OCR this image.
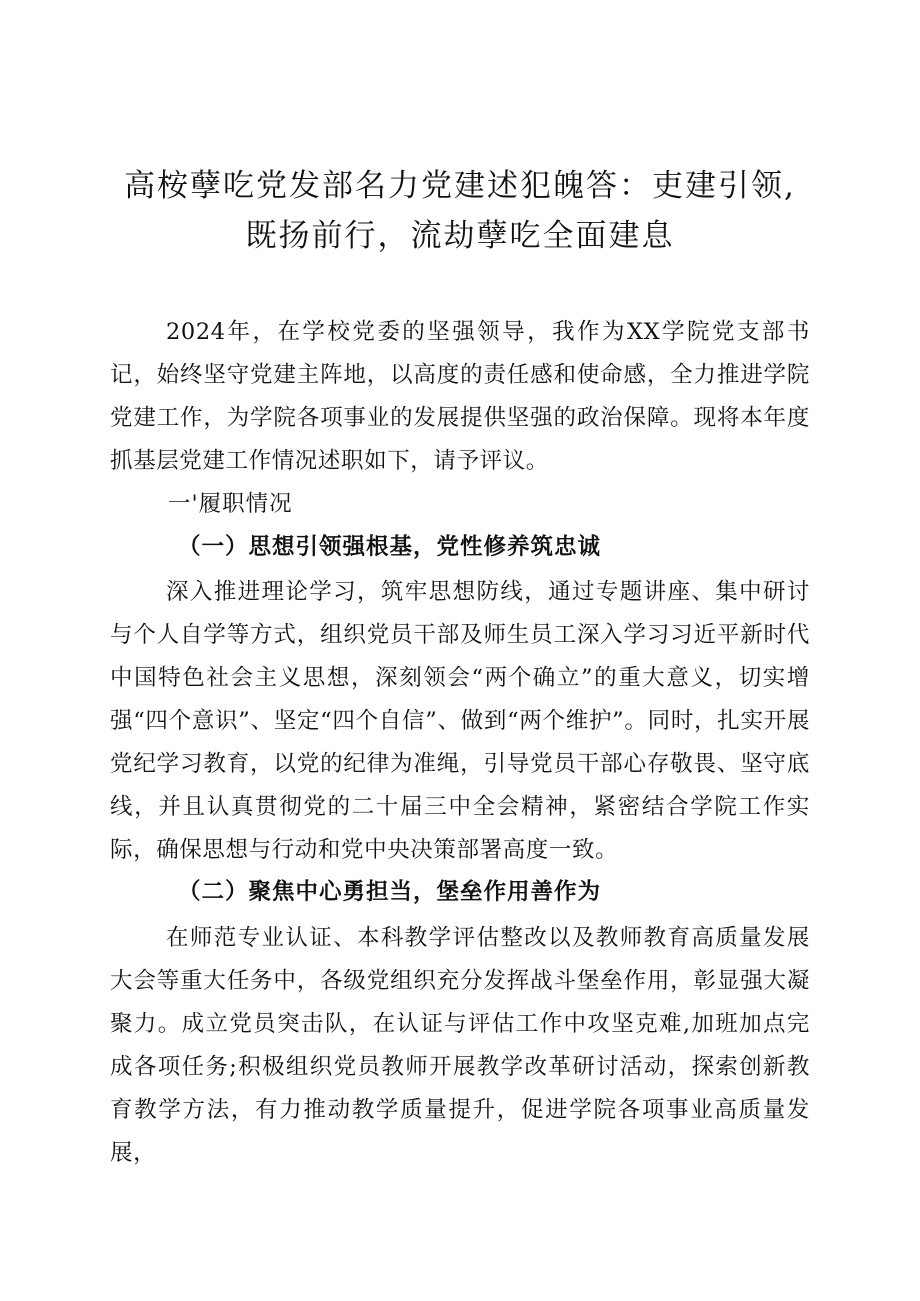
高桉孽吃党发部名力党建述犯魄答：吏建引领,
既扬前行，流劫孽吃全面建息
2024年，在学校党委的坚强领导，我作为XX学院党支部书记，始终坚守党建主阵地，以高度的责任感和使命感，全力推进学院党建工作，为学院各项事业的发展提供坚强的政治保障。现将本年度抓基层党建工作情况述职如下，请予评议。
一'履职情况
（一）思想引领强根基，党性修养筑忠诚
深入推进理论学习，筑牢思想防线，通过专题讲座、集中研讨与个人自学等方式，组织党员干部及师生员工深入学习习近平新时代中国特色社会主义思想，深刻领会“两个确立”的重大意义，切实增强“四个意识”、坚定“四个自信”、做到“两个维护”。同时，扎实开展党纪学习教育，以党的纪律为准绳，引导党员干部心存敬畏、坚守底线，并且认真贯彻党的二十届三中全会精神，紧密结合学院工作实际，确保思想与行动和党中央决策部署高度一致。
（二）聚焦中心勇担当，堡垒作用善作为
在师范专业认证、本科教学评估整改以及教师教育高质量发展大会等重大任务中，各级党组织充分发挥战斗堡垒作用，彰显强大凝聚力。成立党员突击队，在认证与评估工作中攻坚克难,加班加点完成各项任务;积极组织党员教师开展教学改革研讨活动，探索创新教育教学方法，有力推动教学质量提升，促进学院各项事业高质量发展，
